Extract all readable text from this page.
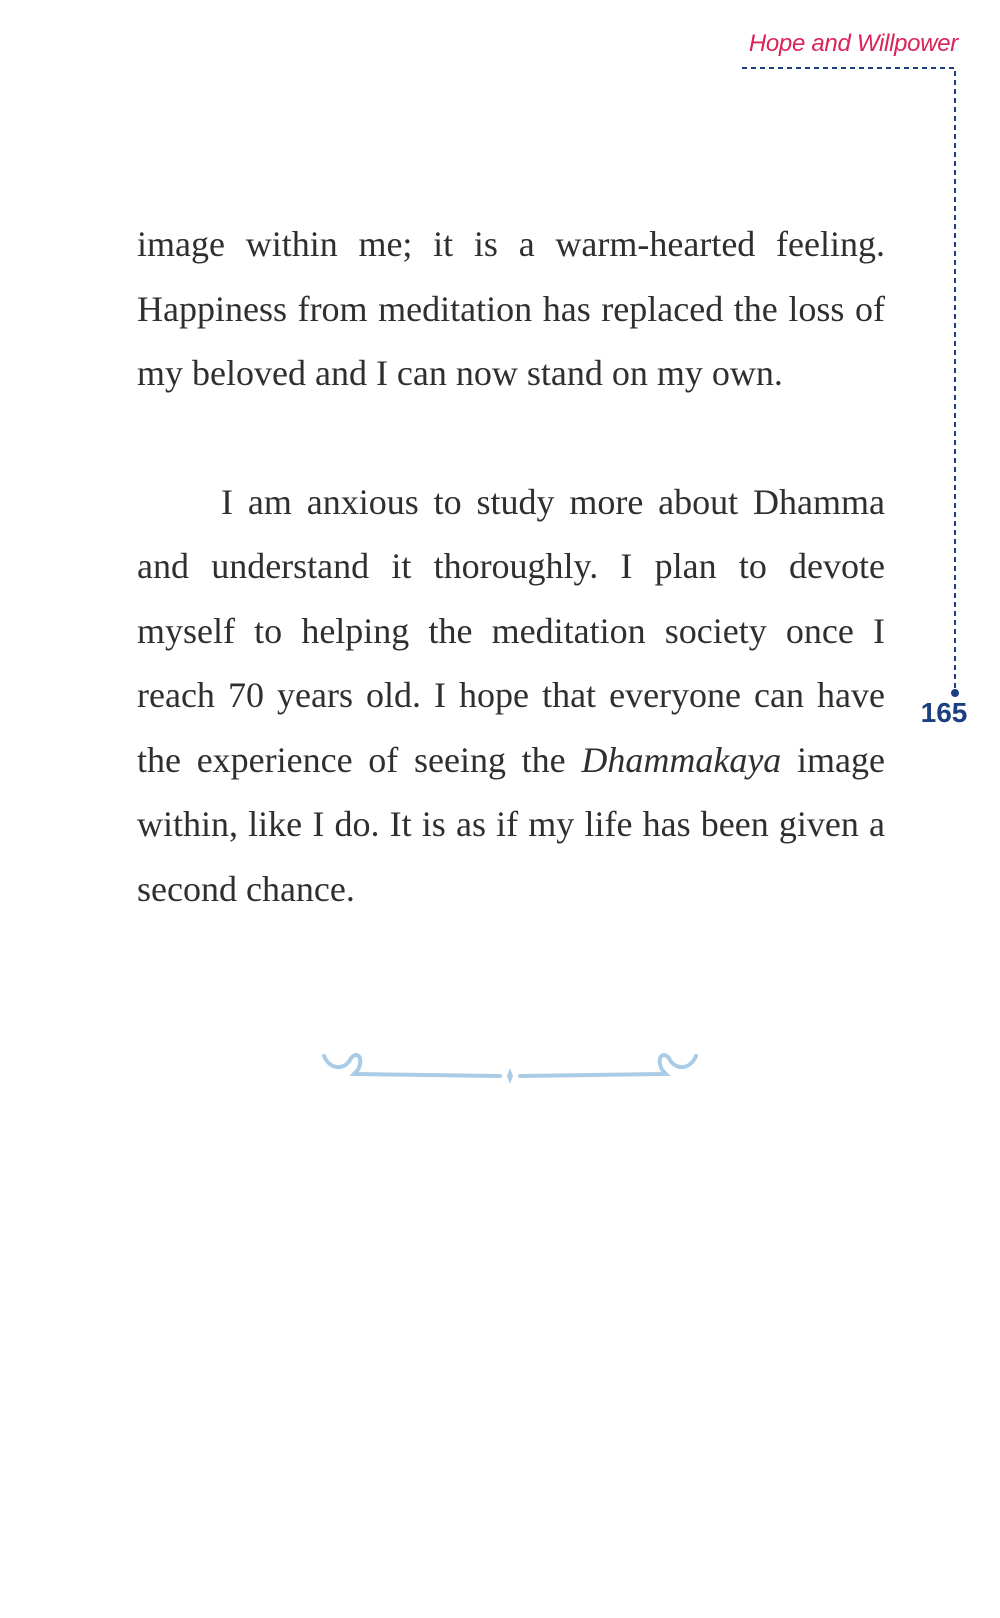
Hope and Willpower
165

image within me; it is a warm-hearted feeling. Happiness from meditation has replaced the loss of my beloved and I can now stand on my own.

I am anxious to study more about Dhamma and understand it thoroughly. I plan to devote myself to helping the meditation society once I reach 70 years old. I hope that everyone can have the experience of seeing the Dhammakaya image within, like I do. It is as if my life has been given a second chance.
